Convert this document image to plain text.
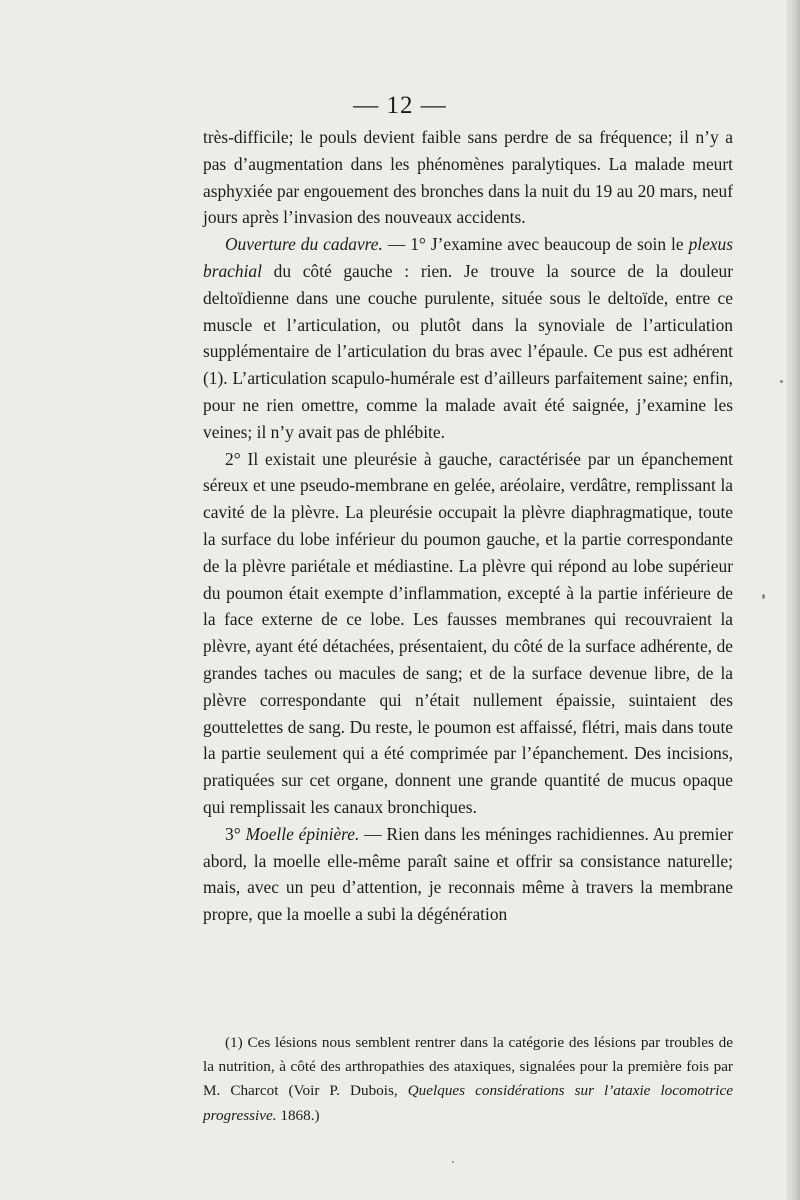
— 12 —

très-difficile; le pouls devient faible sans perdre de sa fréquence; il n’y a pas d’augmentation dans les phénomènes paralytiques. La malade meurt asphyxiée par engouement des bronches dans la nuit du 19 au 20 mars, neuf jours après l’invasion des nouveaux accidents.

Ouverture du cadavre. — 1° J’examine avec beaucoup de soin le plexus brachial du côté gauche : rien. Je trouve la source de la douleur deltoïdienne dans une couche purulente, située sous le deltoïde, entre ce muscle et l’articulation, ou plutôt dans la synoviale de l’articulation supplémentaire de l’articulation du bras avec l’épaule. Ce pus est adhérent (1). L’articulation scapulo-humérale est d’ailleurs parfaitement saine; enfin, pour ne rien omettre, comme la malade avait été saignée, j’examine les veines; il n’y avait pas de phlébite.

2° Il existait une pleurésie à gauche, caractérisée par un épanchement séreux et une pseudo-membrane en gelée, aréolaire, verdâtre, remplissant la cavité de la plèvre. La pleurésie occupait la plèvre diaphragmatique, toute la surface du lobe inférieur du poumon gauche, et la partie correspondante de la plèvre pariétale et médiastine. La plèvre qui répond au lobe supérieur du poumon était exempte d’inflammation, excepté à la partie inférieure de la face externe de ce lobe. Les fausses membranes qui recouvraient la plèvre, ayant été détachées, présentaient, du côté de la surface adhérente, de grandes taches ou macules de sang; et de la surface devenue libre, de la plèvre correspondante qui n’était nullement épaissie, suintaient des gouttelettes de sang. Du reste, le poumon est affaissé, flétri, mais dans toute la partie seulement qui a été comprimée par l’épanchement. Des incisions, pratiquées sur cet organe, donnent une grande quantité de mucus opaque qui remplissait les canaux bronchiques.

3° Moelle épinière. — Rien dans les méninges rachidiennes. Au premier abord, la moelle elle-même paraît saine et offrir sa consistance naturelle; mais, avec un peu d’attention, je reconnais même à travers la membrane propre, que la moelle a subi la dégénération

(1) Ces lésions nous semblent rentrer dans la catégorie des lésions par troubles de la nutrition, à côté des arthropathies des ataxiques, signalées pour la première fois par M. Charcot (Voir P. Dubois, Quelques considérations sur l’ataxie locomotrice progressive. 1868.)
